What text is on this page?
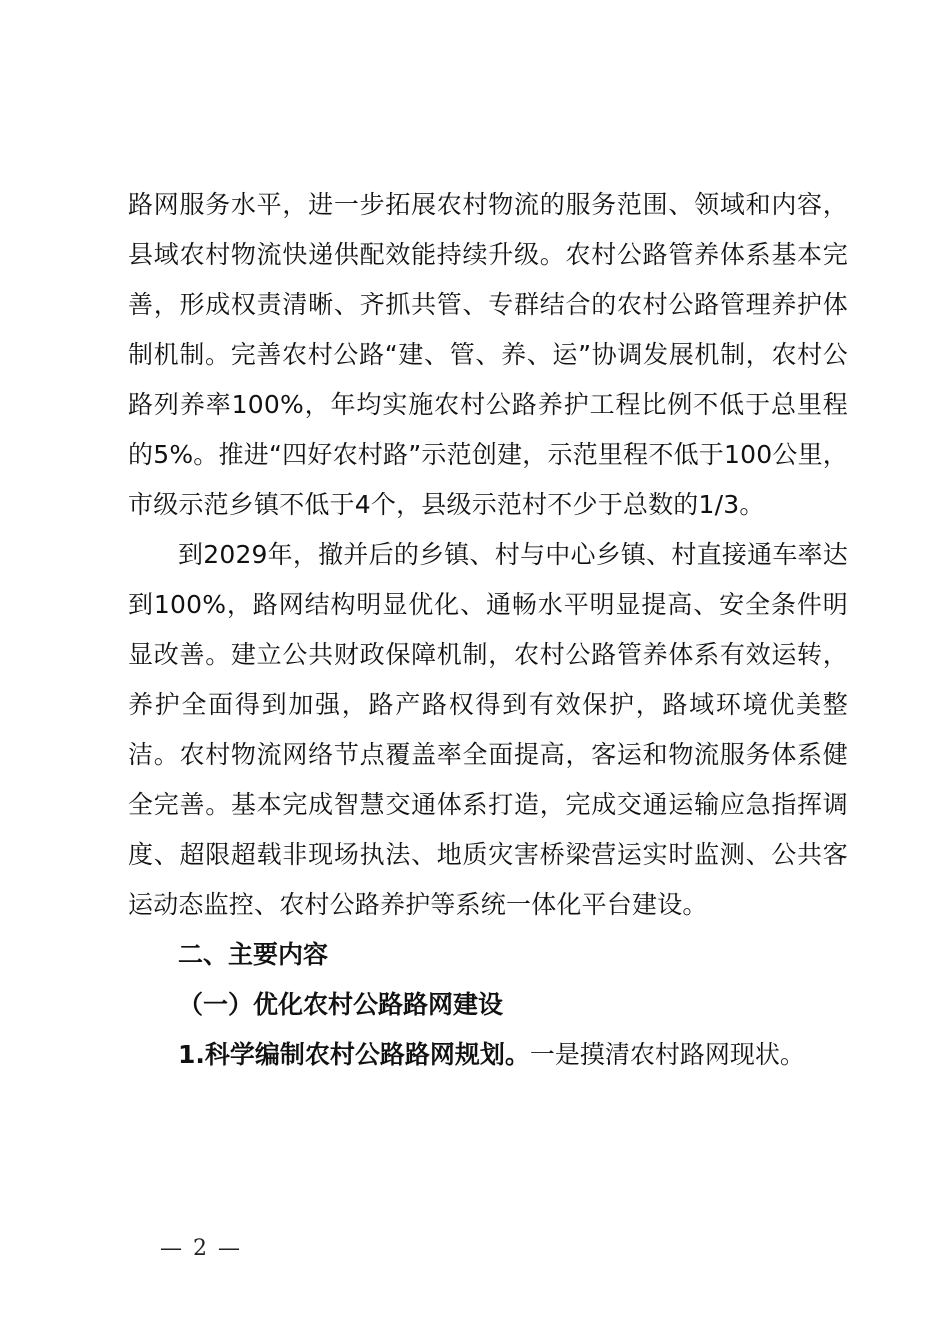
路网服务水平，进一步拓展农村物流的服务范围、领域和内容，县域农村物流快递供配效能持续升级。农村公路管养体系基本完善，形成权责清晰、齐抓共管、专群结合的农村公路管理养护体制机制。完善农村公路“建、管、养、运”协调发展机制，农村公路列养率100%，年均实施农村公路养护工程比例不低于总里程的5%。推进“四好农村路”示范创建，示范里程不低于100公里，市级示范乡镇不低于4个，县级示范村不少于总数的1/3。

到2029年，撤并后的乡镇、村与中心乡镇、村直接通车率达到100%，路网结构明显优化、通畅水平明显提高、安全条件明显改善。建立公共财政保障机制，农村公路管养体系有效运转，养护全面得到加强，路产路权得到有效保护，路域环境优美整洁。农村物流网络节点覆盖率全面提高，客运和物流服务体系健全完善。基本完成智慧交通体系打造，完成交通运输应急指挥调度、超限超载非现场执法、地质灾害桥梁营运实时监测、公共客运动态监控、农村公路养护等系统一体化平台建设。

二、主要内容

（一）优化农村公路路网建设

1.科学编制农村公路路网规划。一是摸清农村路网现状。

— 2 —
